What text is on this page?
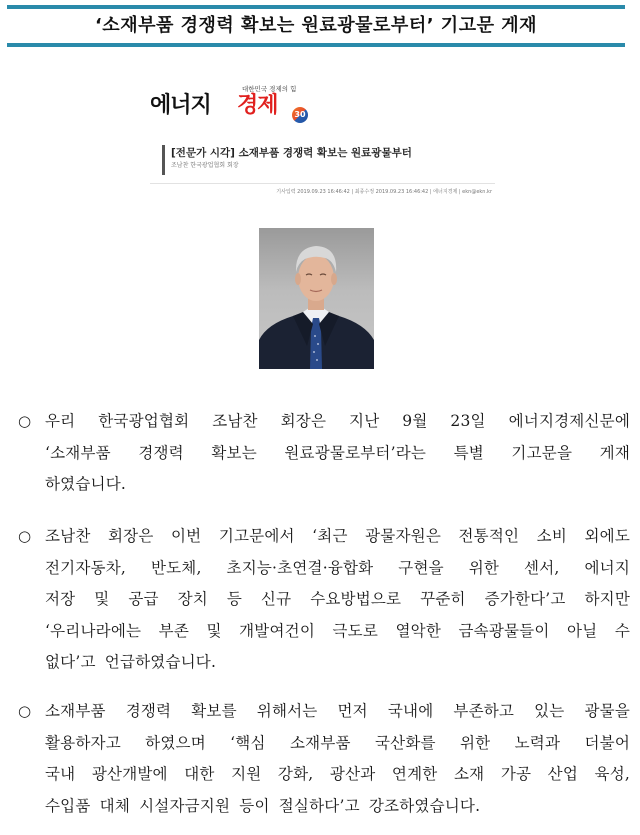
‘소재부품 경쟁력 확보는 원료광물로부터’ 기고문 게재
대한민국 경제의 힘
에너지 경제	30
[전문가 시각] 소재부품 경쟁력 확보는 원료광물부터
조남찬 한국광업협회 회장
기사입력 2019.09.23 16:46:42 | 최종수정 2019.09.23 16:46:42 | 에너지경제 | ekn@ekn.kr
○ 우리 한국광업협회 조남찬 회장은 지난 9월 23일 에너지경제신문에
‘소재부품 경쟁력 확보는 원료광물로부터’라는 특별 기고문을 게재
하였습니다.
○ 조남찬 회장은 이번 기고문에서 ‘최근 광물자원은 전통적인 소비 외에도
전기자동차, 반도체, 초지능·초연결·융합화 구현을 위한 센서, 에너지
저장 및 공급 장치 등 신규 수요방법으로 꾸준히 증가한다’고 하지만
‘우리나라에는 부존 및 개발여건이 극도로 열악한 금속광물들이 아닐 수
없다’고 언급하였습니다.
○ 소재부품 경쟁력 확보를 위해서는 먼저 국내에 부존하고 있는 광물을
활용하자고 하였으며 ‘핵심 소재부품 국산화를 위한 노력과 더불어
국내 광산개발에 대한 지원 강화, 광산과 연계한 소재 가공 산업 육성,
수입품 대체 시설자금지원 등이 절실하다’고 강조하였습니다.
